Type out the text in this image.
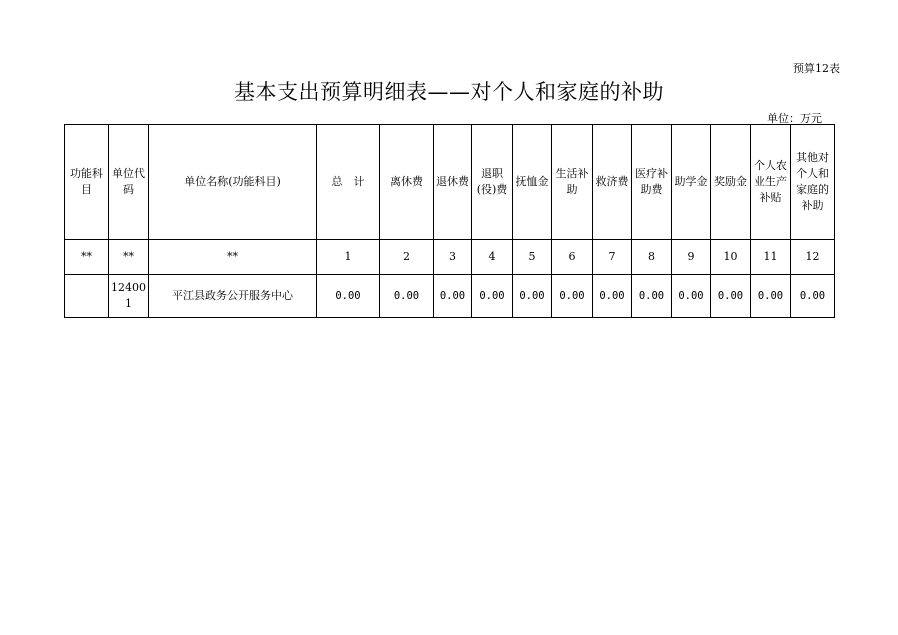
预算12表
基本支出预算明细表——对个人和家庭的补助
单位：万元
功能科目	单位代码	单位名称(功能科目)	总　计	离休费	退休费	退职(役)费	抚恤金	生活补助	救济费	医疗补助费	助学金	奖励金	个人农业生产补贴	其他对个人和家庭的补助
**	**	**	1	2	3	4	5	6	7	8	9	10	11	12
	124001	平江县政务公开服务中心	0.00	0.00	0.00	0.00	0.00	0.00	0.00	0.00	0.00	0.00	0.00	0.00
